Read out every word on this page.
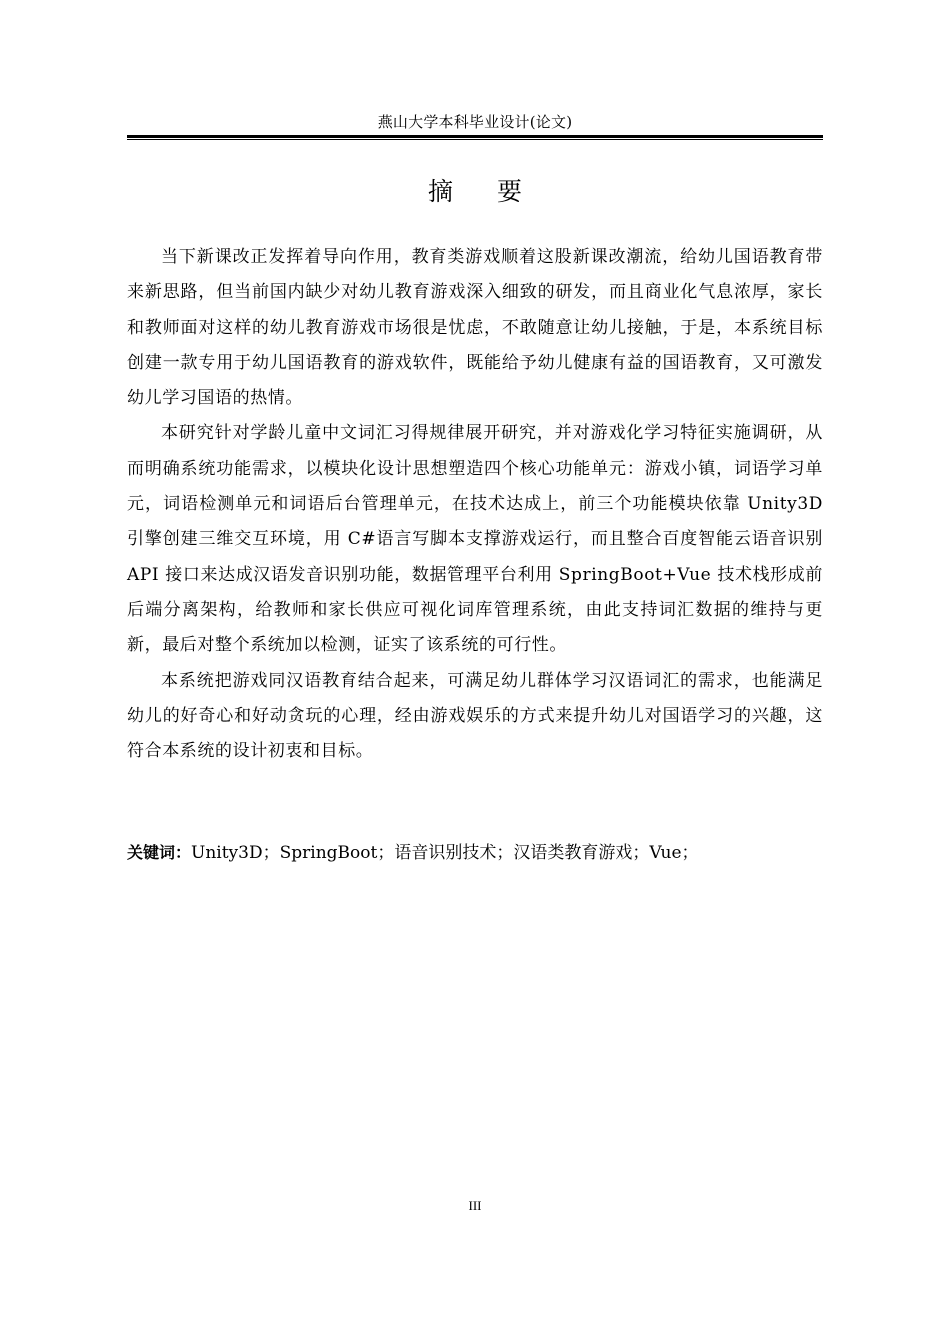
燕山大学本科毕业设计(论文)
摘 要

当下新课改正发挥着导向作用，教育类游戏顺着这股新课改潮流，给幼儿国语教育带来新思路，但当前国内缺少对幼儿教育游戏深入细致的研发，而且商业化气息浓厚，家长和教师面对这样的幼儿教育游戏市场很是忧虑，不敢随意让幼儿接触，于是，本系统目标创建一款专用于幼儿国语教育的游戏软件，既能给予幼儿健康有益的国语教育，又可激发幼儿学习国语的热情。

本研究针对学龄儿童中文词汇习得规律展开研究，并对游戏化学习特征实施调研，从而明确系统功能需求，以模块化设计思想塑造四个核心功能单元：游戏小镇，词语学习单元，词语检测单元和词语后台管理单元，在技术达成上，前三个功能模块依靠 Unity3D 引擎创建三维交互环境，用 C#语言写脚本支撑游戏运行，而且整合百度智能云语音识别 API 接口来达成汉语发音识别功能，数据管理平台利用 SpringBoot+Vue 技术栈形成前后端分离架构，给教师和家长供应可视化词库管理系统，由此支持词汇数据的维持与更新，最后对整个系统加以检测，证实了该系统的可行性。

本系统把游戏同汉语教育结合起来，可满足幼儿群体学习汉语词汇的需求，也能满足幼儿的好奇心和好动贪玩的心理，经由游戏娱乐的方式来提升幼儿对国语学习的兴趣，这符合本系统的设计初衷和目标。

关键词：Unity3D；SpringBoot；语音识别技术；汉语类教育游戏；Vue；
III
